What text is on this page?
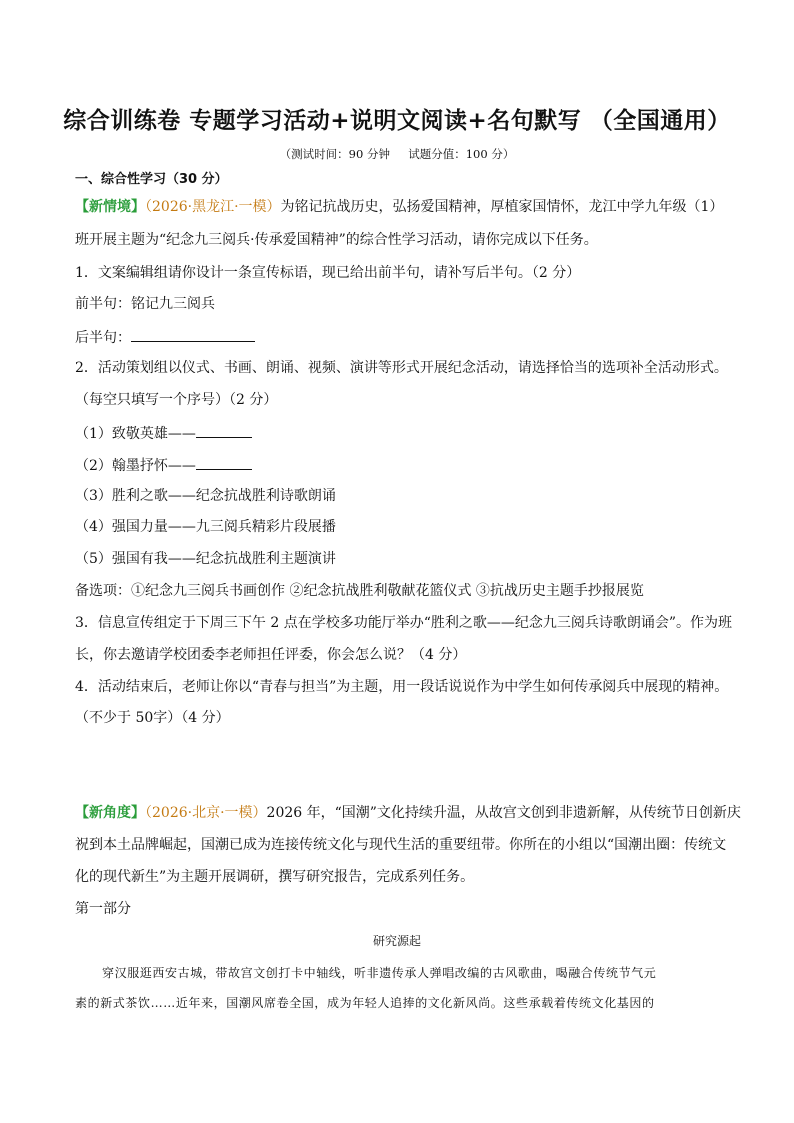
综合训练卷 专题学习活动+说明文阅读+名句默写 （全国通用）
（测试时间：90 分钟     试题分值：100 分）
一、综合性学习（30 分）
【新情境】（2026·黑龙江·一模）为铭记抗战历史，弘扬爱国精神，厚植家国情怀，龙江中学九年级（1）
班开展主题为“纪念九三阅兵·传承爱国精神”的综合性学习活动，请你完成以下任务。
1．文案编辑组请你设计一条宣传标语，现已给出前半句，请补写后半句。（2 分）
前半句：铭记九三阅兵
后半句：
2．活动策划组以仪式、书画、朗诵、视频、演讲等形式开展纪念活动，请选择恰当的选项补全活动形式。
（每空只填写一个序号）（2 分）
（1）致敬英雄——
（2）翰墨抒怀——
（3）胜利之歌——纪念抗战胜利诗歌朗诵
（4）强国力量——九三阅兵精彩片段展播
（5）强国有我——纪念抗战胜利主题演讲
备选项：①纪念九三阅兵书画创作 ②纪念抗战胜利敬献花篮仪式 ③抗战历史主题手抄报展览
3．信息宣传组定于下周三下午 2 点在学校多功能厅举办“胜利之歌——纪念九三阅兵诗歌朗诵会”。作为班
长，你去邀请学校团委李老师担任评委，你会怎么说？（4 分）
4．活动结束后，老师让你以“青春与担当”为主题，用一段话说说作为中学生如何传承阅兵中展现的精神。
（不少于 50字）（4 分）
【新角度】（2026·北京·一模）2026 年，“国潮”文化持续升温，从故宫文创到非遗新解，从传统节日创新庆
祝到本土品牌崛起，国潮已成为连接传统文化与现代生活的重要纽带。你所在的小组以“国潮出圈：传统文
化的现代新生”为主题开展调研，撰写研究报告，完成系列任务。
第一部分
研究源起
穿汉服逛西安古城，带故宫文创打卡中轴线，听非遗传承人弹唱改编的古风歌曲，喝融合传统节气元
素的新式茶饮……近年来，国潮风席卷全国，成为年轻人追捧的文化新风尚。这些承载着传统文化基因的
